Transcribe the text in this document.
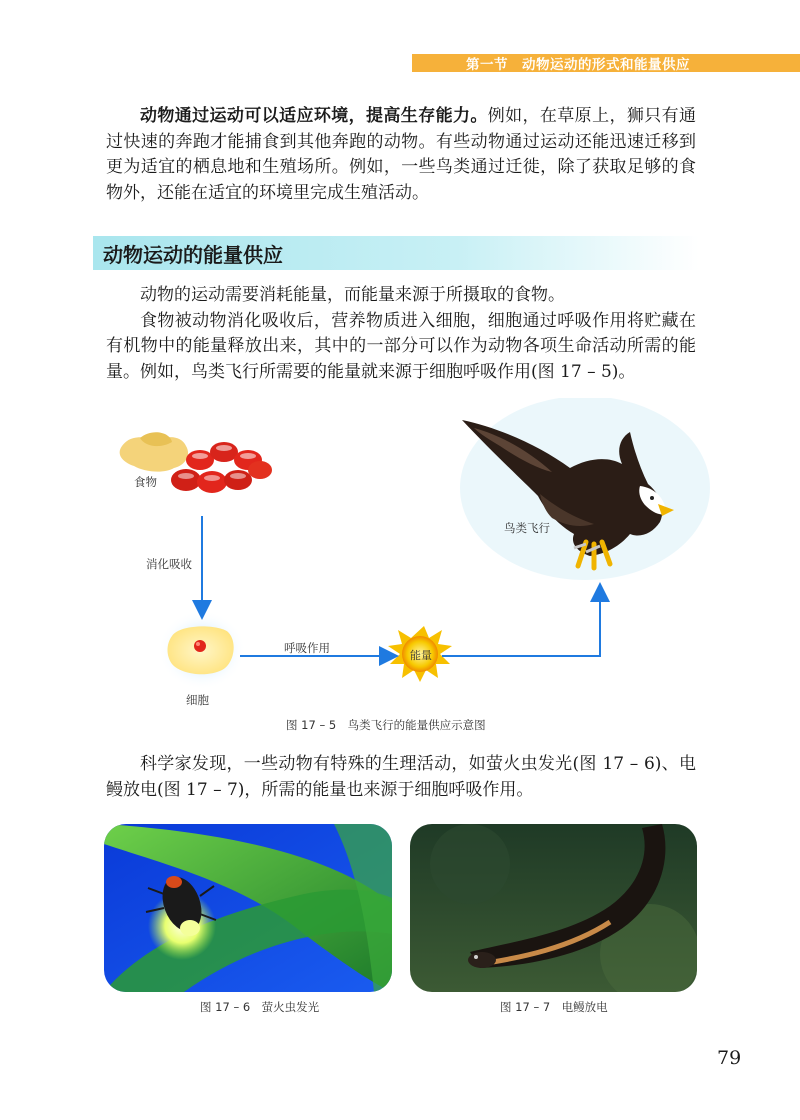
第一节　动物运动的形式和能量供应

动物通过运动可以适应环境，提高生存能力。例如，在草原上，狮只有通过快速的奔跑才能捕食到其他奔跑的动物。有些动物通过运动还能迅速迁移到更为适宜的栖息地和生殖场所。例如，一些鸟类通过迁徙，除了获取足够的食物外，还能在适宜的环境里完成生殖活动。

动物运动的能量供应

动物的运动需要消耗能量，而能量来源于所摄取的食物。

食物被动物消化吸收后，营养物质进入细胞，细胞通过呼吸作用将贮藏在有机物中的能量释放出来，其中的一部分可以作为动物各项生命活动所需的能量。例如，鸟类飞行所需要的能量就来源于细胞呼吸作用(图 17 – 5)。

食物
消化吸收
细胞
呼吸作用
能量
鸟类飞行
图 17 – 5　鸟类飞行的能量供应示意图

科学家发现，一些动物有特殊的生理活动，如萤火虫发光(图 17 – 6)、电鳗放电(图 17 – 7)，所需的能量也来源于细胞呼吸作用。

图 17 – 6　萤火虫发光	图 17 – 7　电鳗放电
79
